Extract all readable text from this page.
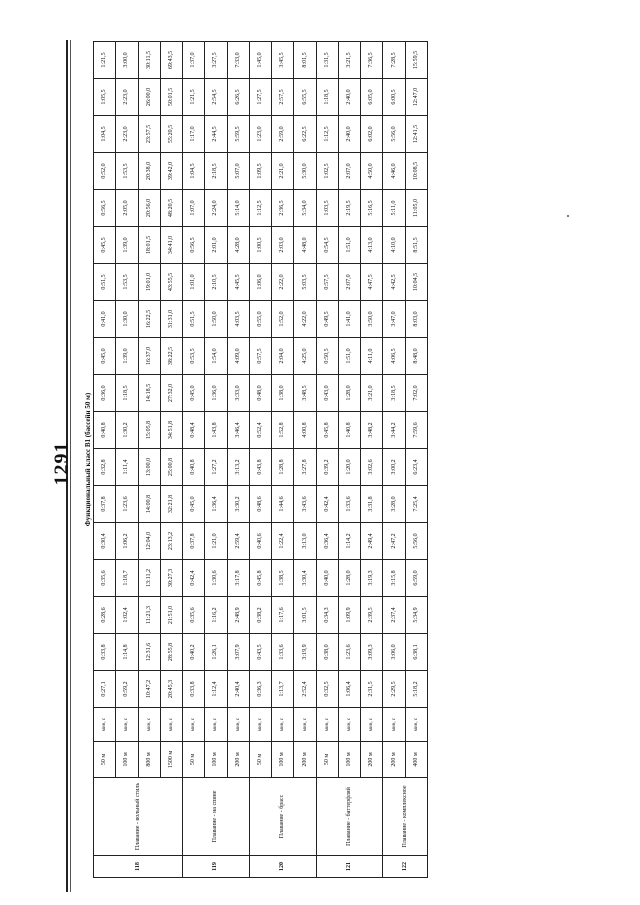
1291 Функциональный класс B1 (бассейн 50 м)
118	Плавание - вольный стиль	50 м	мин, с	0:27,1	0:33,8	0:28,6	0:35,6	0:30,4	0:37,8	0:32,8	0:40,8	0:36,0	0:45,0	0:41,0	0:51,5	0:45,5	0:56,5	0:52,0	1:04,5	1:05,5	1:21,5
		100 м	мин, с	0:59,2	1:14,8	1:02,4	1:18,7	1:06,2	1:23,6	1:11,4	1:30,2	1:18,5	1:39,0	1:30,0	1:53,5	1:39,0	2:05,0	1:53,5	2:23,0	2:23,0	3:00,0
		800 м	мин, с	10:47,2	12:31,6	11:21,3	13:11,2	12:04,0	14:00,8	13:00,0	15:05,8	14:18,5	16:37,0	16:22,5	19:01,0	18:01,5	20:56,0	20:38,0	23:57,5	26:00,0	30:11,5
		1500 м	мин, с	20:45,3	28:55,8	21:51,0	30:27,3	23:13,2	32:21,8	25:00,8	34:51,8	27:32,0	38:22,5	31:31,0	43:55,5	34:41,0	48:20,5	39:42,0	55:20,5	50:01,5	69:43,5
119	Плавание - на спине	50 м	мин, с	0:33,8	0:40,2	0:35,6	0:42,4	0:37,8	0:45,0	0:40,8	0:48,4	0:45,0	0:53,5	0:51,5	1:01,0	0:56,5	1:07,0	1:04,5	1:17,0	1:21,5	1:37,0
		100 м	мин, с	1:12,4	1:26,1	1:16,2	1:30,6	1:21,0	1:36,4	1:27,2	1:43,8	1:36,0	1:54,0	1:50,0	2:10,5	2:01,0	2:24,0	2:18,5	2:44,5	2:54,5	3:27,5
		200 м	мин, с	2:40,4	3:07,9	2:48,9	3:17,8	2:59,4	3:30,2	3:13,2	3:46,4	3:33,0	4:09,0	4:03,5	4:45,5	4:28,0	5:14,0	5:07,0	5:59,5	6:26,5	7:33,0
120	Плавание - брасс	50 м	мин, с	0:36,3	0:43,5	0:38,2	0:45,8	0:40,6	0:48,6	0:43,8	0:52,4	0:48,0	0:57,5	0:55,0	1:06,0	1:00,5	1:12,5	1:09,5	1:23,0	1:27,5	1:45,0
		100 м	мин, с	1:13,7	1:33,6	1:17,6	1:38,5	1:22,4	1:44,6	1:28,8	1:52,8	1:38,0	2:04,0	1:52,0	2:22,0	2:03,0	2:36,5	2:21,0	2:59,0	2:57,5	3:45,5
		200 м	мин, с	2:52,4	3:19,9	3:01,5	3:30,4	3:13,0	3:43,6	3:27,8	4:00,8	3:48,5	4:25,0	4:22,0	5:03,5	4:48,0	5:34,0	5:30,0	6:22,5	6:55,5	8:01,5
121	Плавание - баттерфляй	50 м	мин, с	0:32,5	0:38,0	0:34,3	0:40,0	0:36,4	0:42,4	0:39,2	0:45,8	0:43,0	0:50,5	0:49,5	0:57,5	0:54,5	1:03,5	1:02,5	1:12,5	1:18,5	1:31,5
		100 м	мин, с	1:06,4	1:23,6	1:09,9	1:28,0	1:14,2	1:33,6	1:20,0	1:40,8	1:28,0	1:51,0	1:41,0	2:07,0	1:51,0	2:19,5	2:07,0	2:40,0	2:40,0	3:21,5
		200 м	мин, с	2:31,5	3:09,3	2:39,5	3:19,3	2:49,4	3:31,8	3:02,6	3:48,2	3:21,0	4:11,0	3:50,0	4:47,5	4:13,0	5:16,5	4:50,0	6:02,0	6:05,0	7:36,5
122	Плавание - комплексное	200 м	мин, с	2:29,5	3:06,0	2:37,4	3:15,8	2:47,2	3:28,0	3:00,2	3:44,2	3:18,5	4:06,5	3:47,0	4:42,5	4:10,0	5:11,0	4:46,0	5:56,0	6:00,5	7:28,5
		400 м	мин, с	5:18,2	6:38,1	5:34,9	6:59,0	5:56,0	7:25,4	6:23,4	7:59,6	7:02,0	8:48,0	8:03,0	10:04,5	8:51,5	11:05,0	10:08,5	12:41,5	12:47,0	15:59,5
